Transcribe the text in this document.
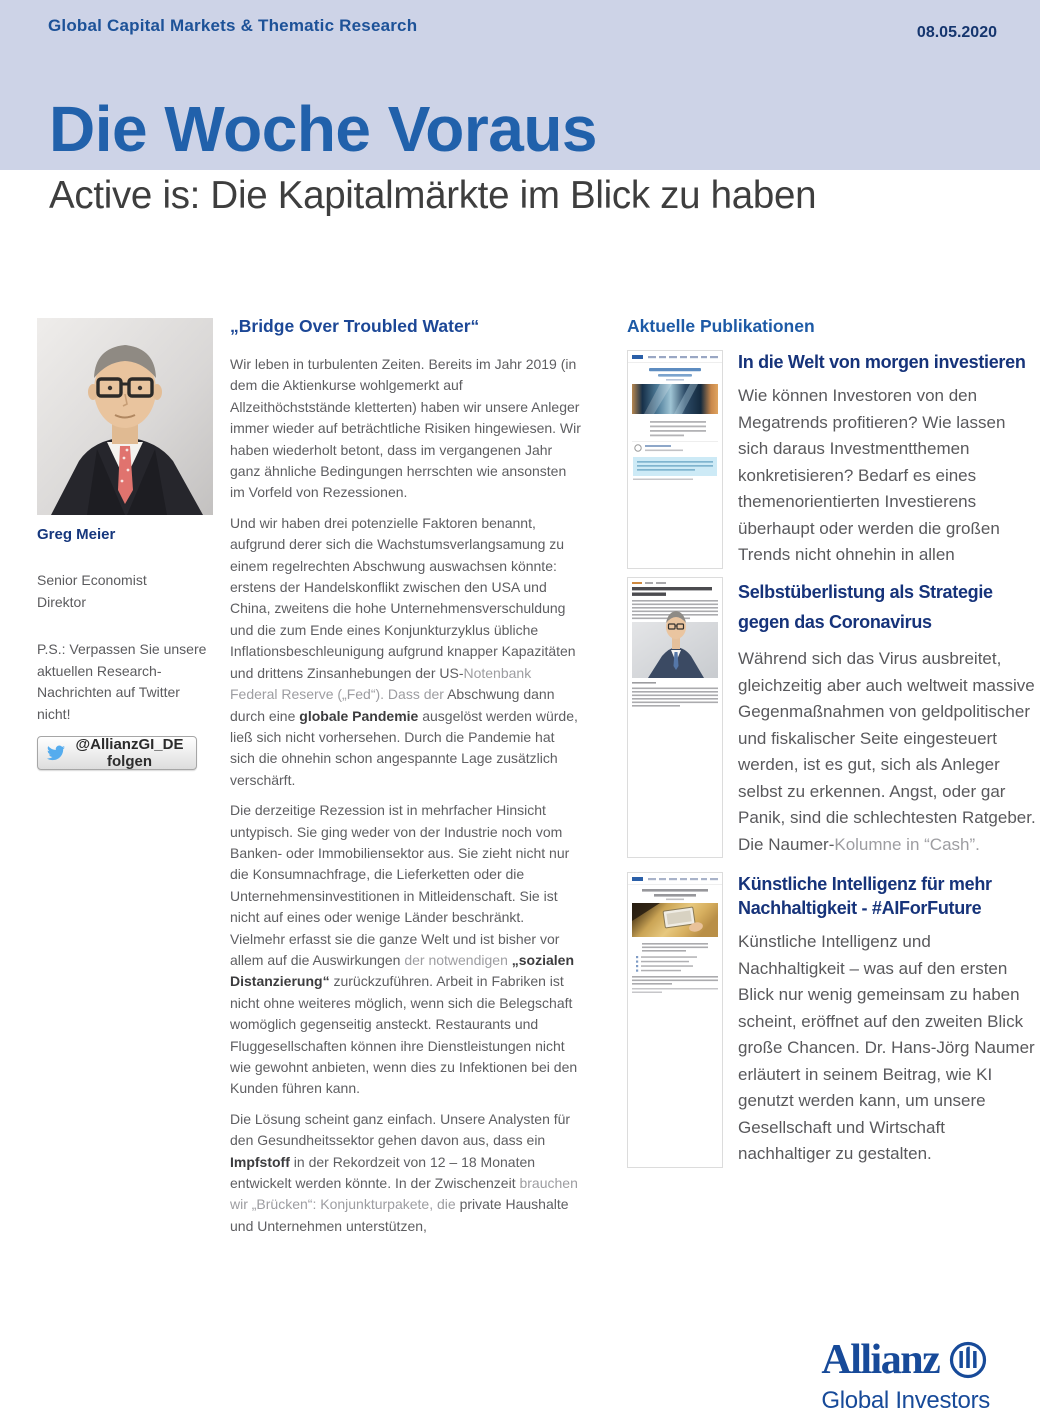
Global Capital Markets & Thematic Research	08.05.2020
Die Woche Voraus
Active is: Die Kapitalmärkte im Blick zu haben
Greg Meier
Senior Economist
Direktor

P.S.: Verpassen Sie unsere aktuellen Research-Nachrichten auf Twitter nicht!

@AllianzGI_DE folgen
„Bridge Over Troubled Water“

Wir leben in turbulenten Zeiten. Bereits im Jahr 2019 (in dem die Aktienkurse wohlgemerkt auf Allzeithöchststände kletterten) haben wir unsere Anleger immer wieder auf beträchtliche Risiken hingewiesen. Wir haben wiederholt betont, dass im vergangenen Jahr ganz ähnliche Bedingungen herrschten wie ansonsten im Vorfeld von Rezessionen.

Und wir haben drei potenzielle Faktoren benannt, aufgrund derer sich die Wachstumsverlangsamung zu einem regelrechten Abschwung auswachsen könnte: erstens der Handelskonflikt zwischen den USA und China, zweitens die hohe Unternehmensverschuldung und die zum Ende eines Konjunkturzyklus übliche Inflationsbeschleunigung aufgrund knapper Kapazitäten und drittens Zinsanhebungen der US-Notenbank Federal Reserve („Fed“). Dass der Abschwung dann durch eine globale Pandemie ausgelöst werden würde, ließ sich nicht vorhersehen. Durch die Pandemie hat sich die ohnehin schon angespannte Lage zusätzlich verschärft.

Die derzeitige Rezession ist in mehrfacher Hinsicht untypisch. Sie ging weder von der Industrie noch vom Banken- oder Immobiliensektor aus. Sie zieht nicht nur die Konsumnachfrage, die Lieferketten oder die Unternehmensinvestitionen in Mitleidenschaft. Sie ist nicht auf eines oder wenige Länder beschränkt. Vielmehr erfasst sie die ganze Welt und ist bisher vor allem auf die Auswirkungen der notwendigen „sozialen Distanzierung“ zurückzuführen. Arbeit in Fabriken ist nicht ohne weiteres möglich, wenn sich die Belegschaft womöglich gegenseitig ansteckt. Restaurants und Fluggesellschaften können ihre Dienstleistungen nicht wie gewohnt anbieten, wenn dies zu Infektionen bei den Kunden führen kann.

Die Lösung scheint ganz einfach. Unsere Analysten für den Gesundheitssektor gehen davon aus, dass ein Impfstoff in der Rekordzeit von 12 – 18 Monaten entwickelt werden könnte. In der Zwischenzeit brauchen wir „Brücken“: Konjunkturpakete, die private Haushalte und Unternehmen unterstützen,

Aktuelle Publikationen
In die Welt von morgen investieren

Wie können Investoren von den Megatrends profitieren? Wie lassen sich daraus Investmentthemen konkretisieren? Bedarf es eines themenorientierten Investierens überhaupt oder werden die großen Trends nicht ohnehin in allen

Selbstüberlistung als Strategie gegen das Coronavirus

Während sich das Virus ausbreitet, gleichzeitig aber auch weltweit massive Gegenmaßnahmen von geldpolitischer und fiskalischer Seite eingesteuert werden, ist es gut, sich als Anleger selbst zu erkennen. Angst, oder gar Panik, sind die schlechtesten Ratgeber. Die Naumer-Kolumne in “Cash”.

Künstliche Intelligenz für mehr Nachhaltigkeit - #AIForFuture

Künstliche Intelligenz und Nachhaltigkeit – was auf den ersten Blick nur wenig gemeinsam zu haben scheint, eröffnet auf den zweiten Blick große Chancen. Dr. Hans-Jörg Naumer erläutert in seinem Beitrag, wie KI genutzt werden kann, um unsere Gesellschaft und Wirtschaft nachhaltiger zu gestalten.

Allianz
Global Investors
